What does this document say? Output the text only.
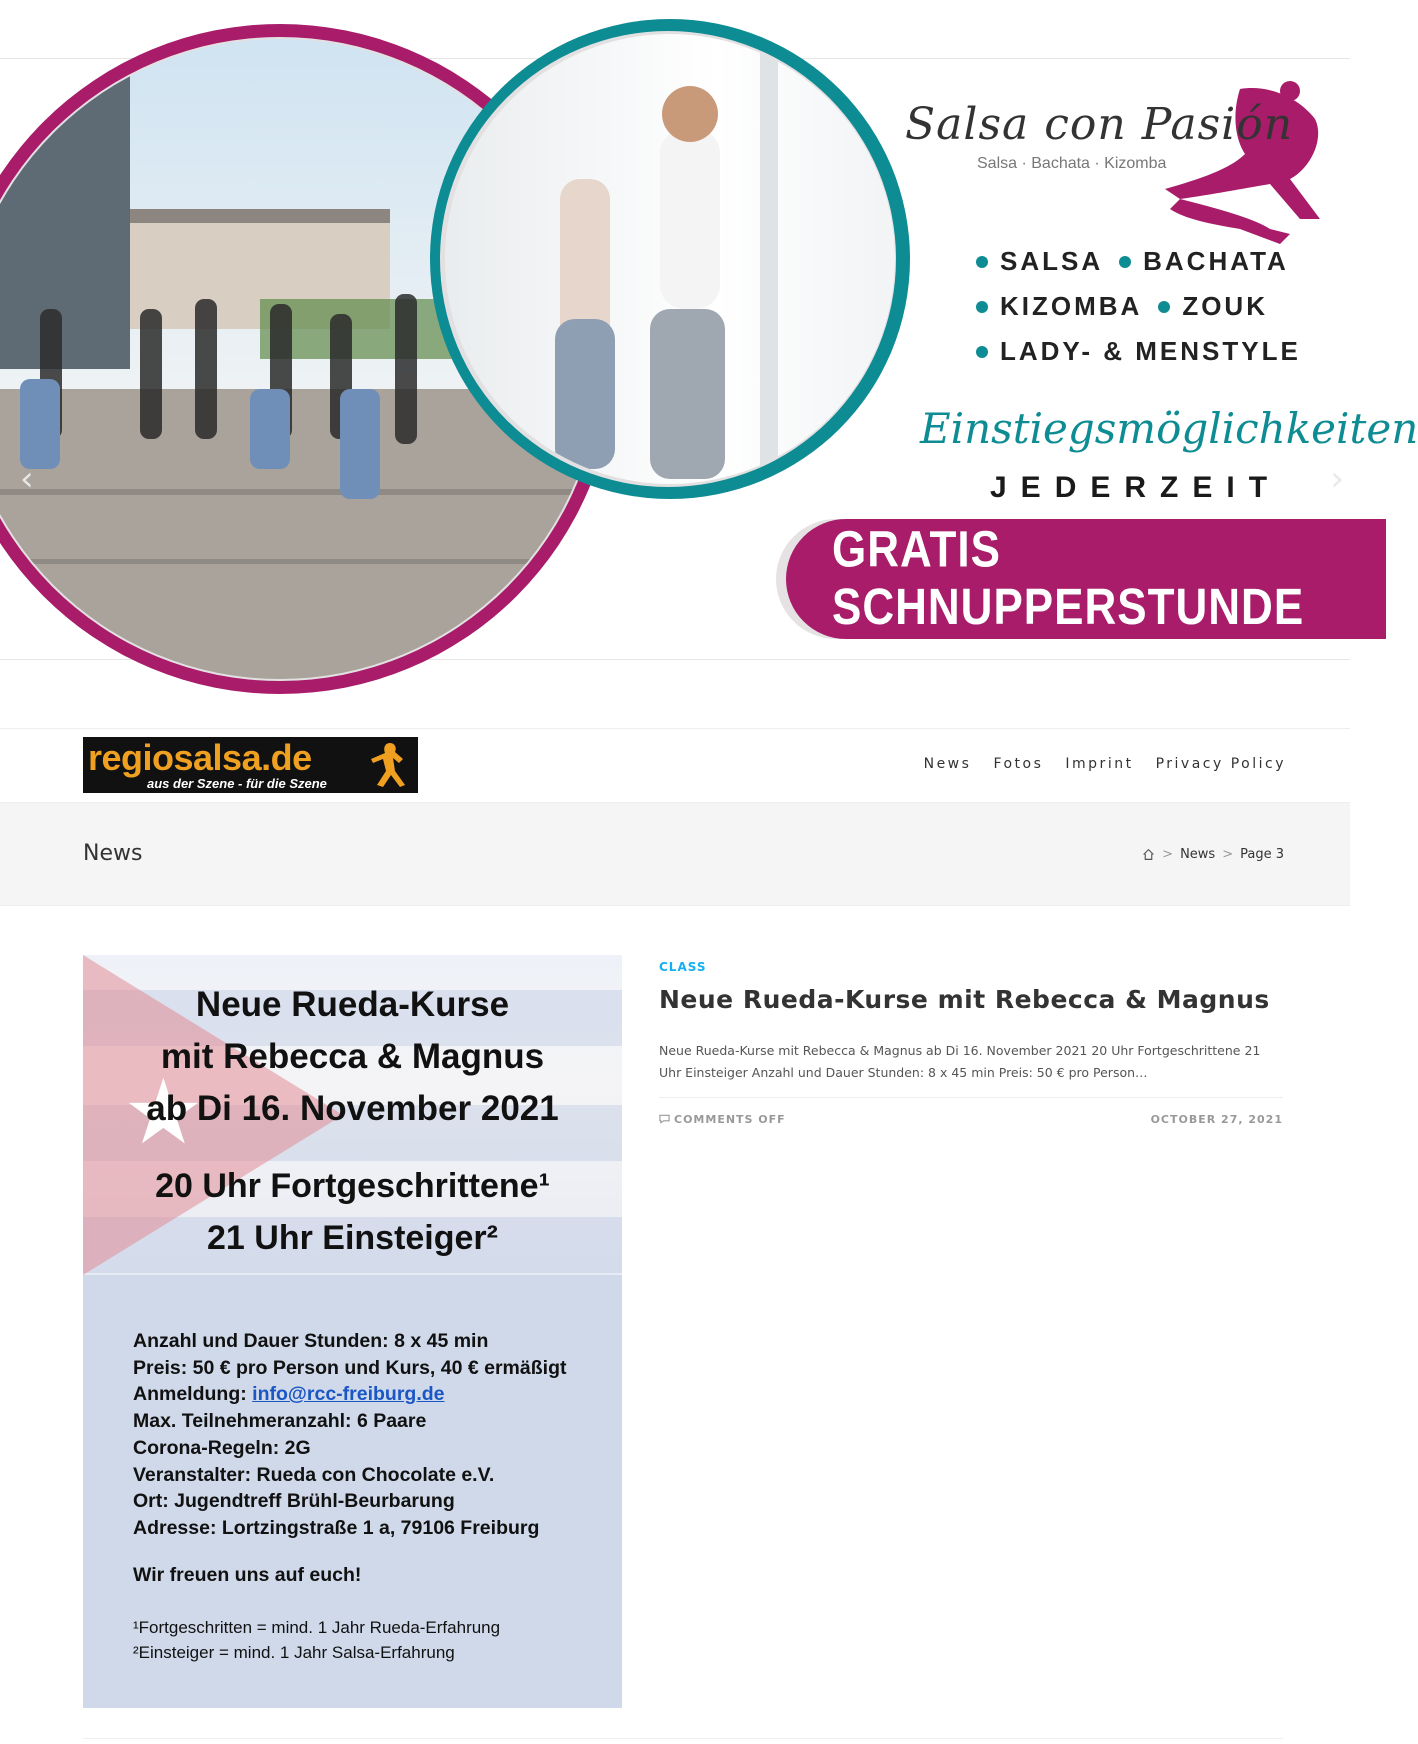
Salsa con Pasión
Salsa · Bachata · Kizomba
SALSA BACHATA
KIZOMBA ZOUK
LADY- & MENSTYLE
Einstiegsmöglichkeiten
JEDERZEIT
GRATIS SCHNUPPERSTUNDE
‹	›
regiosalsa.de
aus der Szene - für die Szene
News Fotos Imprint Privacy Policy
News	> News > Page 3
★
Neue Rueda-Kurse
mit Rebecca & Magnus
ab Di 16. November 2021
20 Uhr Fortgeschrittene¹
21 Uhr Einsteiger²
Anzahl und Dauer Stunden: 8 x 45 min
Preis: 50 € pro Person und Kurs, 40 € ermäßigt
Anmeldung: info@rcc-freiburg.de
Max. Teilnehmeranzahl: 6 Paare
Corona-Regeln: 2G
Veranstalter: Rueda con Chocolate e.V.
Ort: Jugendtreff Brühl-Beurbarung
Adresse: Lortzingstraße 1 a, 79106 Freiburg
Wir freuen uns auf euch!
¹Fortgeschritten = mind. 1 Jahr Rueda-Erfahrung
²Einsteiger = mind. 1 Jahr Salsa-Erfahrung
CLASS
Neue Rueda-Kurse mit Rebecca & Magnus
Neue Rueda-Kurse mit Rebecca & Magnus ab Di 16. November 2021 20 Uhr Fortgeschrittene 21 Uhr Einsteiger Anzahl und Dauer Stunden: 8 x 45 min Preis: 50 € pro Person…
COMMENTS OFF	OCTOBER 27, 2021
